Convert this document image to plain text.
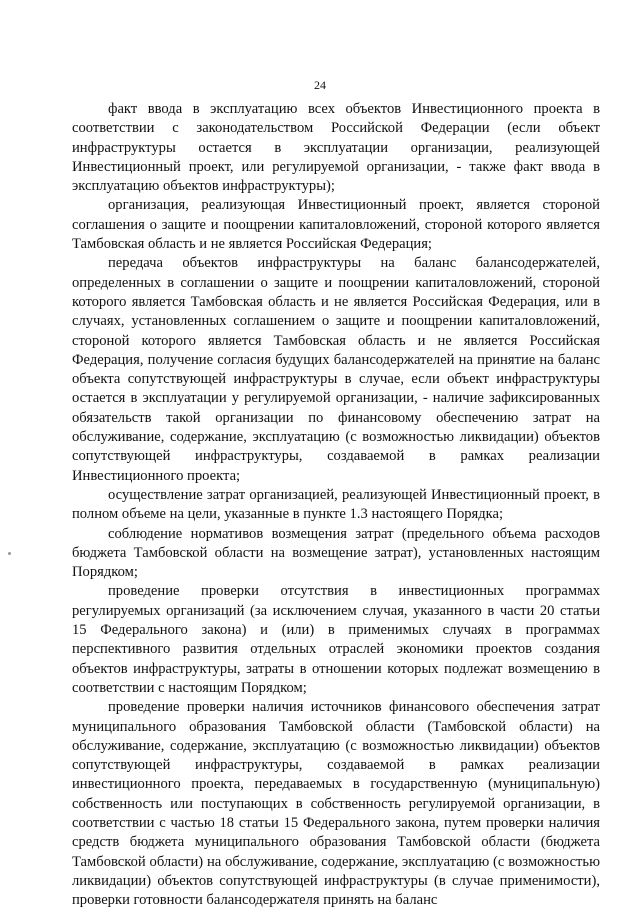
24

факт ввода в эксплуатацию всех объектов Инвестиционного проекта в соответствии с законодательством Российской Федерации (если объект инфраструктуры остается в эксплуатации организации, реализующей Инвестиционный проект, или регулируемой организации, - также факт ввода в эксплуатацию объектов инфраструктуры);

организация, реализующая Инвестиционный проект, является стороной соглашения о защите и поощрении капиталовложений, стороной которого является Тамбовская область и не является Российская Федерация;

передача объектов инфраструктуры на баланс балансодержателей, определенных в соглашении о защите и поощрении капиталовложений, стороной которого является Тамбовская область и не является Российская Федерация, или в случаях, установленных соглашением о защите и поощрении капиталовложений, стороной которого является Тамбовская область и не является Российская Федерация, получение согласия будущих балансодержателей на принятие на баланс объекта сопутствующей инфраструктуры в случае, если объект инфраструктуры остается в эксплуатации у регулируемой организации, - наличие зафиксированных обязательств такой организации по финансовому обеспечению затрат на обслуживание, содержание, эксплуатацию (с возможностью ликвидации) объектов сопутствующей инфраструктуры, создаваемой в рамках реализации Инвестиционного проекта;

осуществление затрат организацией, реализующей Инвестиционный проект, в полном объеме на цели, указанные в пункте 1.3 настоящего Порядка;

соблюдение нормативов возмещения затрат (предельного объема расходов бюджета Тамбовской области на возмещение затрат), установленных настоящим Порядком;

проведение проверки отсутствия в инвестиционных программах регулируемых организаций (за исключением случая, указанного в части 20 статьи 15 Федерального закона) и (или) в применимых случаях в программах перспективного развития отдельных отраслей экономики проектов создания объектов инфраструктуры, затраты в отношении которых подлежат возмещению в соответствии с настоящим Порядком;

проведение проверки наличия источников финансового обеспечения затрат муниципального образования Тамбовской области (Тамбовской области) на обслуживание, содержание, эксплуатацию (с возможностью ликвидации) объектов сопутствующей инфраструктуры, создаваемой в рамках реализации инвестиционного проекта, передаваемых в государственную (муниципальную) собственность или поступающих в собственность регулируемой организации, в соответствии с частью 18 статьи 15 Федерального закона, путем проверки наличия средств бюджета муниципального образования Тамбовской области (бюджета Тамбовской области) на обслуживание, содержание, эксплуатацию (с возможностью ликвидации) объектов сопутствующей инфраструктуры (в случае применимости), проверки готовности балансодержателя принять на баланс
